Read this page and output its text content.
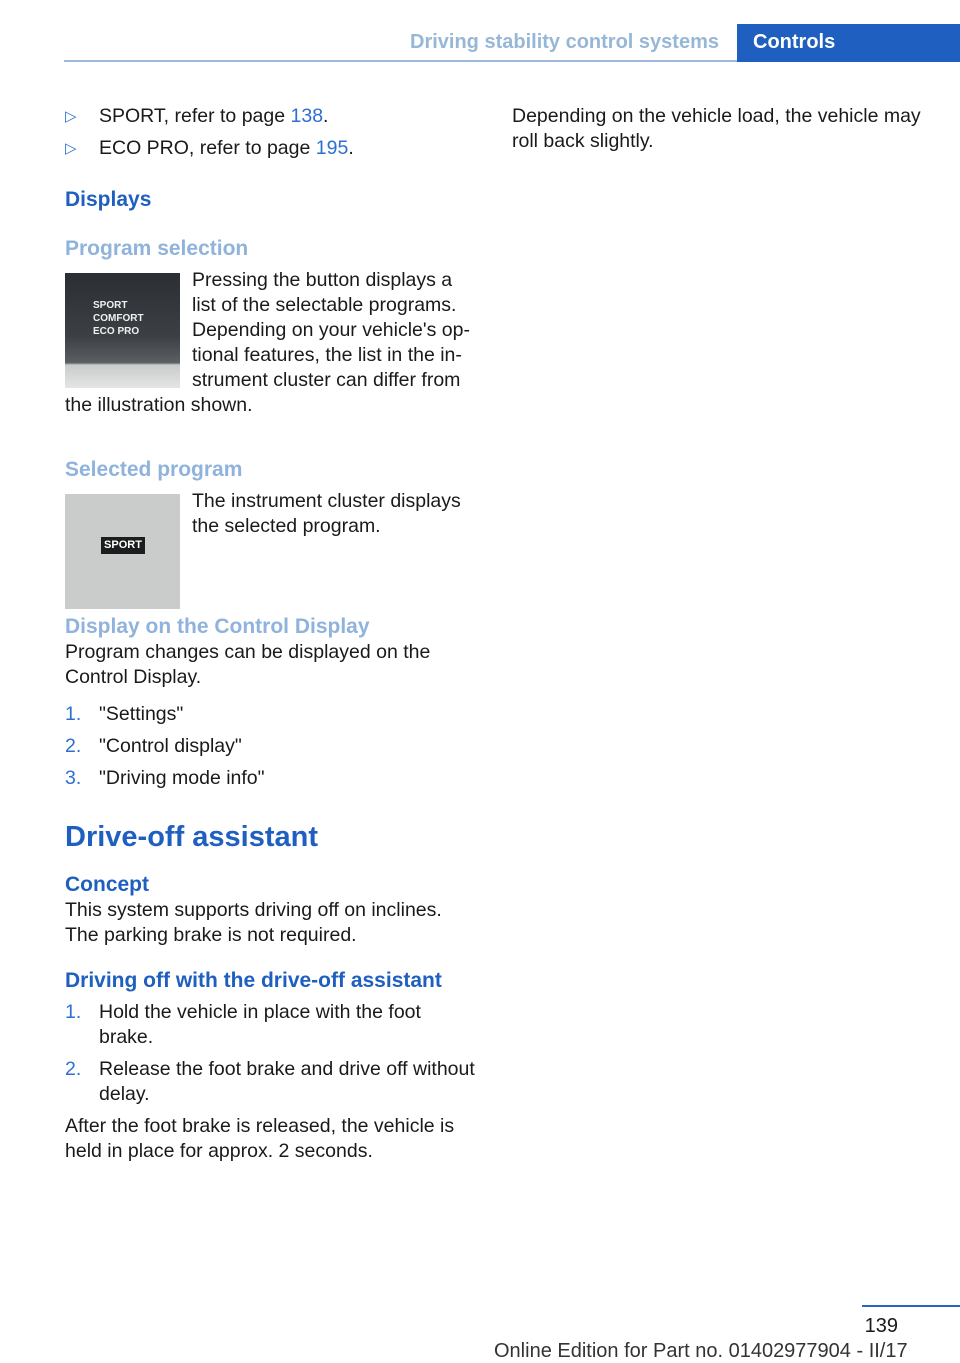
Driving stability control systems Controls
▷ SPORT, refer to page 138.
▷ ECO PRO, refer to page 195.
Displays
Program selection
SPORT
COMFORT
ECO PRO

Pressing the button displays a list of the selectable programs. Depending on your vehicle's optional features, the list in the instrument cluster can differ from the illustration shown.

Selected program
SPORT

The instrument cluster displays the selected program.

Display on the Control Display
Program changes can be displayed on the Control Display.
1. "Settings"
2. "Control display"
3. "Driving mode info"
Drive-off assistant
Concept
This system supports driving off on inclines. The parking brake is not required.
Driving off with the drive-off assistant
1. Hold the vehicle in place with the foot brake.
2. Release the foot brake and drive off without delay.
After the foot brake is released, the vehicle is held in place for approx. 2 seconds.

Depending on the vehicle load, the vehicle may roll back slightly.

139
Online Edition for Part no. 01402977904 - II/17
